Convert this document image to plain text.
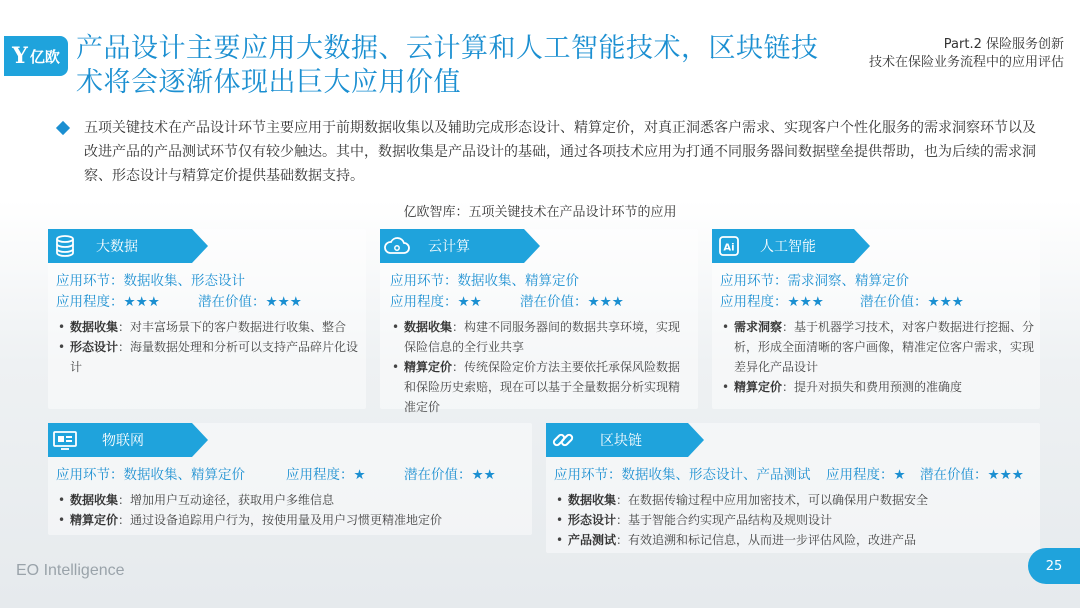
Y 亿欧 产品设计主要应用大数据、云计算和人工智能技术，区块链技术将会逐渐体现出巨大应用价值
Part.2 保险服务创新
技术在保险业务流程中的应用评估

五项关键技术在产品设计环节主要应用于前期数据收集以及辅助完成形态设计、精算定价，对真正洞悉客户需求、实现客户个性化服务的需求洞察环节以及改进产品的产品测试环节仅有较少触达。其中，数据收集是产品设计的基础，通过各项技术应用为打通不同服务器间数据壁垒提供帮助，也为后续的需求洞察、形态设计与精算定价提供基础数据支持。

亿欧智库：五项关键技术在产品设计环节的应用
大数据
应用环节：数据收集、形态设计
应用程度：★★★	潜在价值：★★★
• 数据收集：对丰富场景下的客户数据进行收集、整合
• 形态设计：海量数据处理和分析可以支持产品碎片化设计
云计算
应用环节：数据收集、精算定价
应用程度：★★	潜在价值：★★★
• 数据收集：构建不同服务器间的数据共享环境，实现保险信息的全行业共享
• 精算定价：传统保险定价方法主要依托承保风险数据和保险历史索赔，现在可以基于全量数据分析实现精准定价
Ai 人工智能
应用环节：需求洞察、精算定价
应用程度：★★★	潜在价值：★★★
• 需求洞察：基于机器学习技术，对客户数据进行挖掘、分析，形成全面清晰的客户画像，精准定位客户需求，实现差异化产品设计
• 精算定价：提升对损失和费用预测的准确度
物联网
应用环节：数据收集、精算定价	应用程度：★	潜在价值：★★
• 数据收集：增加用户互动途径，获取用户多维信息
• 精算定价：通过设备追踪用户行为，按使用量及用户习惯更精准地定价
区块链
应用环节：数据收集、形态设计、产品测试 应用程度：★ 潜在价值：★★★
• 数据收集：在数据传输过程中应用加密技术，可以确保用户数据安全
• 形态设计：基于智能合约实现产品结构及规则设计
• 产品测试：有效追溯和标记信息，从而进一步评估风险，改进产品
EO Intelligence	25
